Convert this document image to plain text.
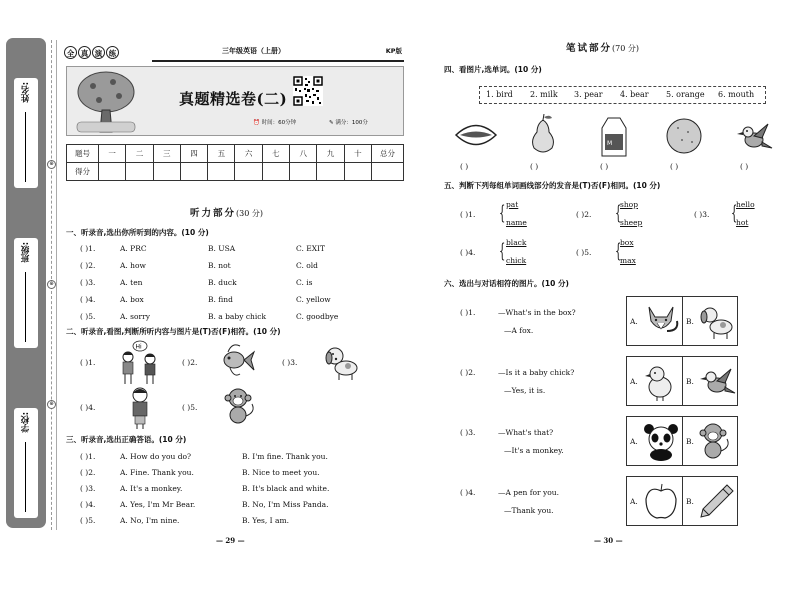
姓名:
班级:
学校:
⊕
⊕
⊕
全 真 演 练	三年级英语（上册）	KP版
真题精选卷(二)
⏰ 时间：60分钟	✎ 满分：100分
题号	一	二	三	四	五	六	七	八	九	十	总分
得分											
听力部分(30 分)
一、听录音,选出你所听到的内容。(10 分)
( )1.	A. PRC	B. USA	C. EXIT
( )2.	A. how	B. not	C. old
( )3.	A. ten	B. duck	C. is
( )4.	A. box	B. find	C. yellow
( )5.	A. sorry	B. a baby chick	C. goodbye
二、听录音,看图,判断所听内容与图片是(T)否(F)相符。(10 分)
( )1.
Hi
( )2.	( )3.
( )4.	( )5.
三、听录音,选出正确答语。(10 分)
( )1.	A. How do you do?	B. I'm fine. Thank you.
( )2.	A. Fine. Thank you.	B. Nice to meet you.
( )3.	A. It's a monkey.	B. It's black and white.
( )4.	A. Yes, I'm Mr Bear.	B. No, I'm Miss Panda.
( )5.	A. No, I'm nine.	B. Yes, I am.
— 29 —
笔试部分(70 分)
四、看图片,选单词。(10 分)
1. bird 2. milk 3. pear 4. bear 5. orange 6. mouth
M
( )	( )	( )	( )	( )
五、判断下列每组单词画线部分的发音是(T)否(F)相同。(10 分)
( )1. { pat
name
( )2. {
shop
sheep
( )3. {
hello
hot
( )4. { black
chick
( )5. {
box
max
六、选出与对话相符的图片。(10 分)
( )1.	—What's in the box?
—A fox.
A.	B.
( )2.	—Is it a baby chick?
—Yes, it is.
A.	B.
( )3.	—What's that?
—It's a monkey.
A.	B.
( )4.	—A pen for you.
—Thank you.
A.	B.
— 30 —
